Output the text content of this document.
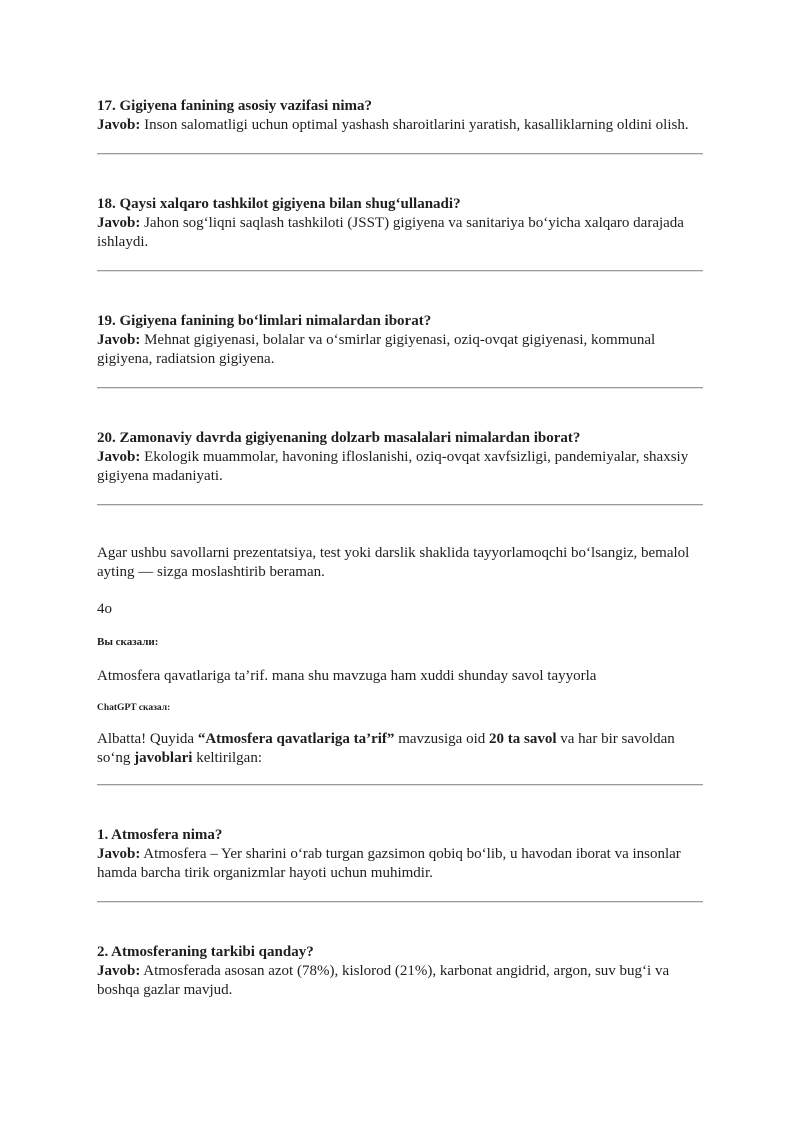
17. Gigiyena fanining asosiy vazifasi nima?

Javob: Inson salomatligi uchun optimal yashash sharoitlarini yaratish, kasalliklarning oldini olish.

18. Qaysi xalqaro tashkilot gigiyena bilan shug‘ullanadi?

Javob: Jahon sog‘liqni saqlash tashkiloti (JSST) gigiyena va sanitariya bo‘yicha xalqaro darajada ishlaydi.

19. Gigiyena fanining bo‘limlari nimalardan iborat?

Javob: Mehnat gigiyenasi, bolalar va o‘smirlar gigiyenasi, oziq-ovqat gigiyenasi, kommunal gigiyena, radiatsion gigiyena.

20. Zamonaviy davrda gigiyenaning dolzarb masalalari nimalardan iborat?

Javob: Ekologik muammolar, havoning ifloslanishi, oziq-ovqat xavfsizligi, pandemiyalar, shaxsiy gigiyena madaniyati.

Agar ushbu savollarni prezentatsiya, test yoki darslik shaklida tayyorlamoqchi bo‘lsangiz, bemalol ayting — sizga moslashtirib beraman.

4o

Вы сказали:

Atmosfera qavatlariga ta’rif. mana shu mavzuga ham xuddi shunday savol tayyorla

ChatGPT сказал:

Albatta! Quyida “Atmosfera qavatlariga ta’rif” mavzusiga oid 20 ta savol va har bir savoldan so‘ng javoblari keltirilgan:

1. Atmosfera nima?

Javob: Atmosfera – Yer sharini o‘rab turgan gazsimon qobiq bo‘lib, u havodan iborat va insonlar hamda barcha tirik organizmlar hayoti uchun muhimdir.

2. Atmosferaning tarkibi qanday?

Javob: Atmosferada asosan azot (78%), kislorod (21%), karbonat angidrid, argon, suv bug‘i va boshqa gazlar mavjud.
